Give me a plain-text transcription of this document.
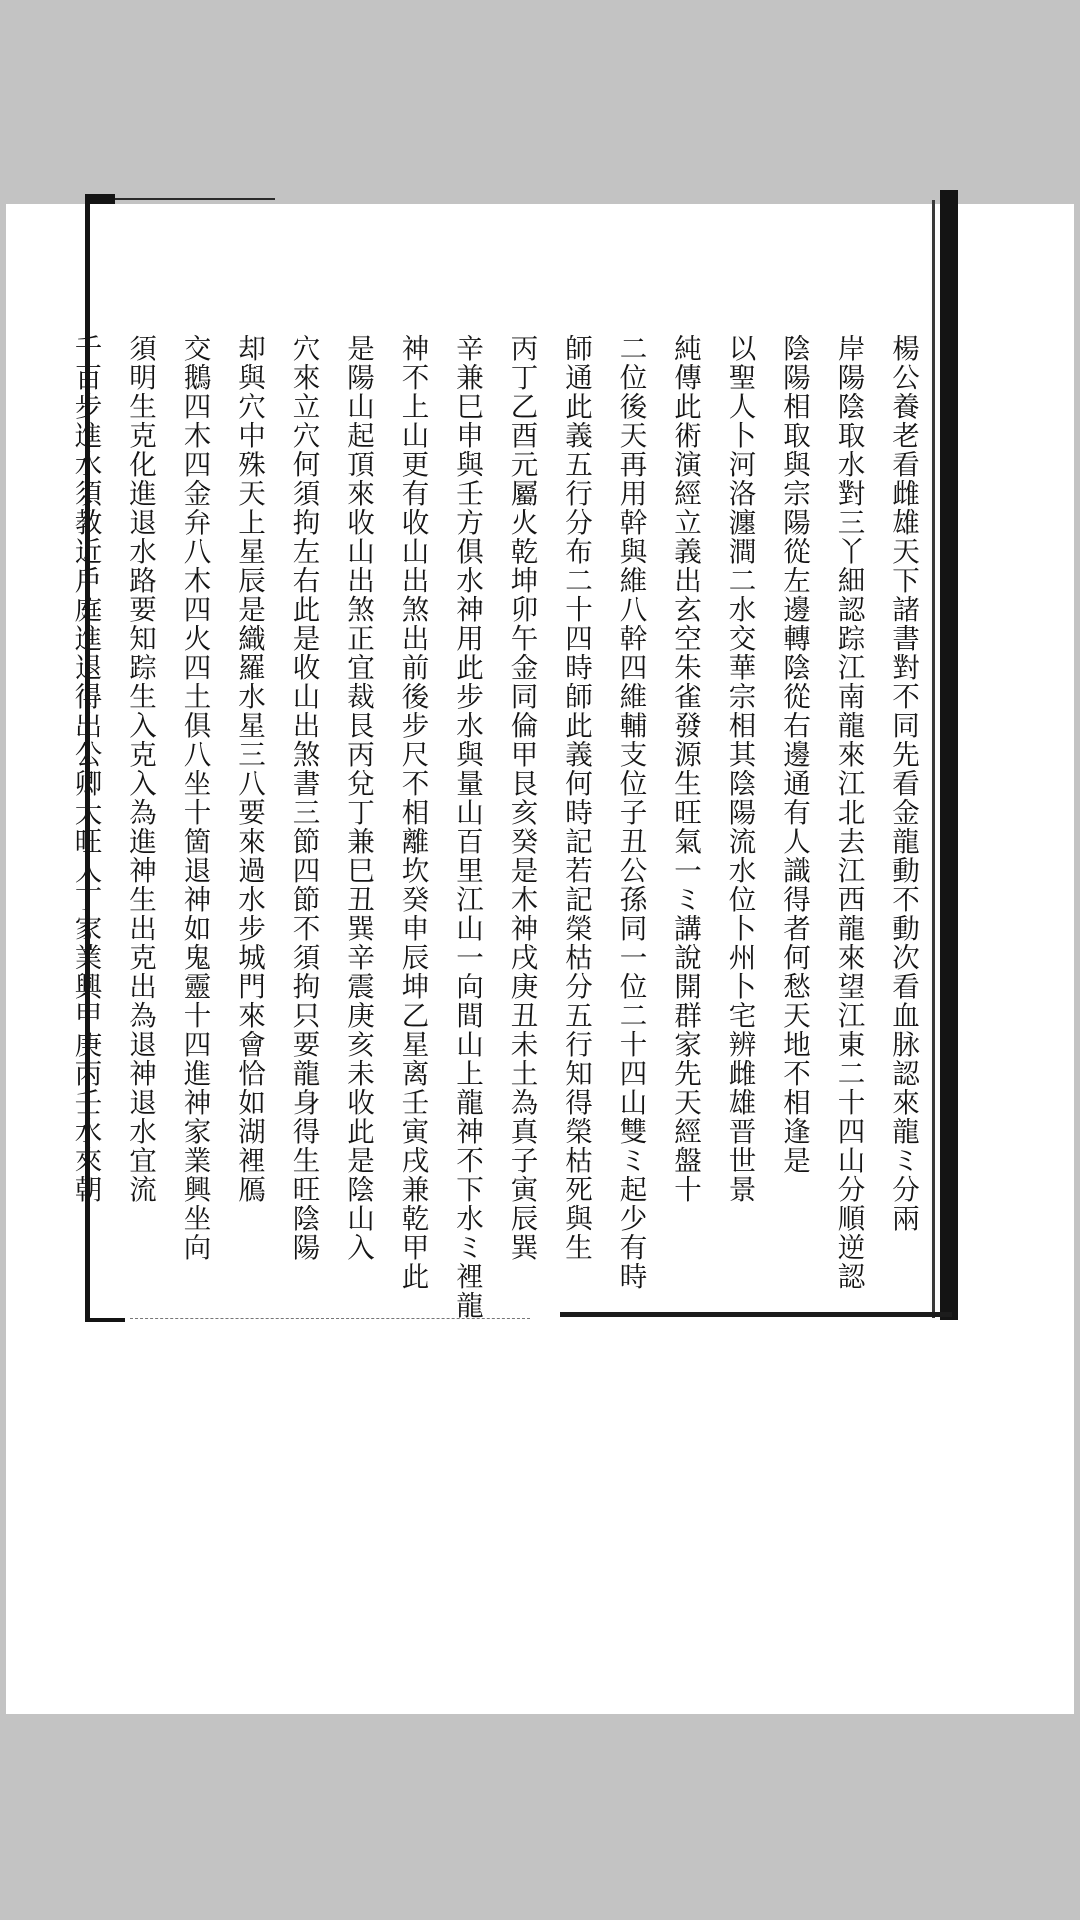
楊公養老看雌雄天下諸書對不同先看金龍動不動次看血脉認來龍ミ分兩
岸陽陰取水對三丫細認踪江南龍來江北去江西龍來望江東二十四山分順逆認
陰陽相取與宗陽從左邊轉陰從右邊通有人識得者何愁天地不相逢是
以聖人卜河洛瀍澗二水交華宗相其陰陽流水位卜州卜宅辨雌雄晋世景
純傳此術演經立義出玄空朱雀發源生旺氣一ミ講說開群家先天經盤十
二位後天再用幹與維八幹四維輔支位子丑公孫同一位二十四山雙ミ起少有時
師通此義五行分布二十四時師此義何時記若記榮枯分五行知得榮枯死與生
丙丁乙酉元屬火乾坤卯午金同倫甲艮亥癸是木神戌庚丑未土為真子寅辰巽
辛兼巳申與壬方俱水神用此步水與量山百里江山一向間山上龍神不下水ミ裡龍
神不上山更有收山出煞出前後步尺不相離坎癸申辰坤乙星离壬寅戌兼乾甲此
是陽山起頂來收山出煞正宜裁艮丙兌丁兼巳丑巽辛震庚亥未收此是陰山入
穴來立穴何須拘左右此是收山出煞書三節四節不須拘只要龍身得生旺陰陽
却與穴中殊天上星辰是織羅水星三八要來過水步城門來會恰如湖裡鴈
交鵝四木四金弁八木四火四土俱八坐十箇退神如鬼靈十四進神家業興坐向
須明生克化進退水路要知踪生入克入為進神生出克出為退神退水宜流
千百步進水須教近戶庭進退得出公卿大旺人丁家業興甲庚丙壬水來朝
